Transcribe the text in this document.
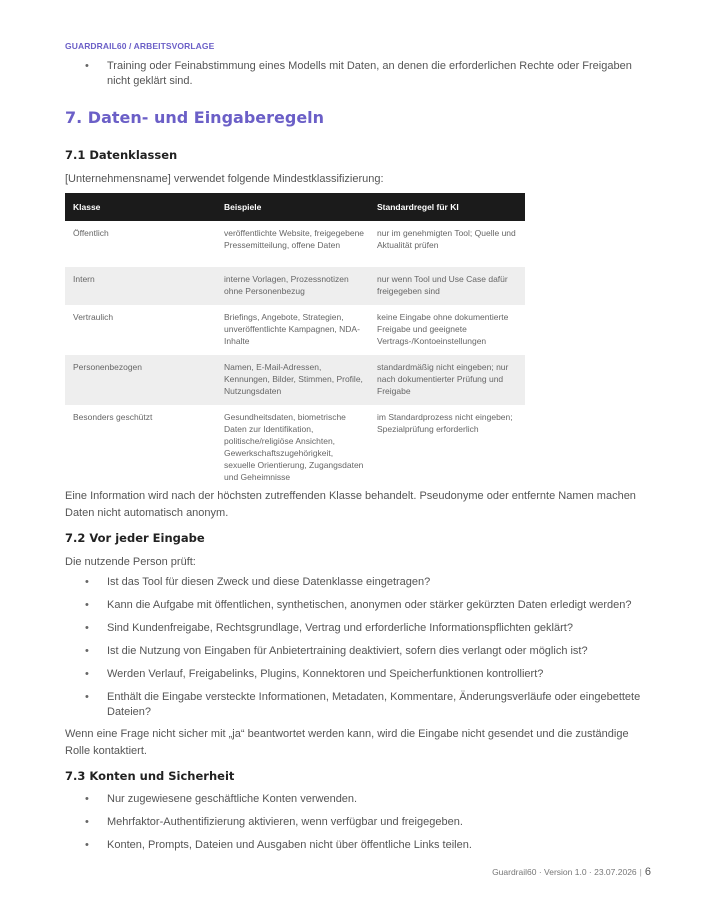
GUARDRAIL60 / ARBEITSVORLAGE
• Training oder Feinabstimmung eines Modells mit Daten, an denen die erforderlichen Rechte oder Freigaben nicht geklärt sind.
7. Daten- und Eingaberegeln
7.1 Datenklassen
[Unternehmensname] verwendet folgende Mindestklassifizierung:
Klasse	Beispiele	Standardregel für KI
Öffentlich	veröffentlichte Website, freigegebene Pressemitteilung, offene Daten	nur im genehmigten Tool; Quelle und Aktualität prüfen
Intern	interne Vorlagen, Prozessnotizen ohne Personenbezug	nur wenn Tool und Use Case dafür freigegeben sind
Vertraulich	Briefings, Angebote, Strategien, unveröffentlichte Kampagnen, NDA-Inhalte	keine Eingabe ohne dokumentierte Freigabe und geeignete Vertrags-/Kontoeinstellungen
Personenbezogen	Namen, E-Mail-Adressen, Kennungen, Bilder, Stimmen, Profile, Nutzungsdaten	standardmäßig nicht eingeben; nur nach dokumentierter Prüfung und Freigabe
Besonders geschützt	Gesundheitsdaten, biometrische Daten zur Identifikation, politische/religiöse Ansichten, Gewerkschaftszugehörigkeit, sexuelle Orientierung, Zugangsdaten und Geheimnisse	im Standardprozess nicht eingeben; Spezialprüfung erforderlich
Eine Information wird nach der höchsten zutreffenden Klasse behandelt. Pseudonyme oder entfernte Namen machen Daten nicht automatisch anonym.
7.2 Vor jeder Eingabe
Die nutzende Person prüft:
• Ist das Tool für diesen Zweck und diese Datenklasse eingetragen?
• Kann die Aufgabe mit öffentlichen, synthetischen, anonymen oder stärker gekürzten Daten erledigt werden?
• Sind Kundenfreigabe, Rechtsgrundlage, Vertrag und erforderliche Informationspflichten geklärt?
• Ist die Nutzung von Eingaben für Anbietertraining deaktiviert, sofern dies verlangt oder möglich ist?
• Werden Verlauf, Freigabelinks, Plugins, Konnektoren und Speicherfunktionen kontrolliert?
• Enthält die Eingabe versteckte Informationen, Metadaten, Kommentare, Änderungsverläufe oder eingebettete Dateien?
Wenn eine Frage nicht sicher mit „ja“ beantwortet werden kann, wird die Eingabe nicht gesendet und die zuständige Rolle kontaktiert.
7.3 Konten und Sicherheit
• Nur zugewiesene geschäftliche Konten verwenden.
• Mehrfaktor-Authentifizierung aktivieren, wenn verfügbar und freigegeben.
• Konten, Prompts, Dateien und Ausgaben nicht über öffentliche Links teilen.
Guardrail60 · Version 1.0 · 23.07.2026 | 6
